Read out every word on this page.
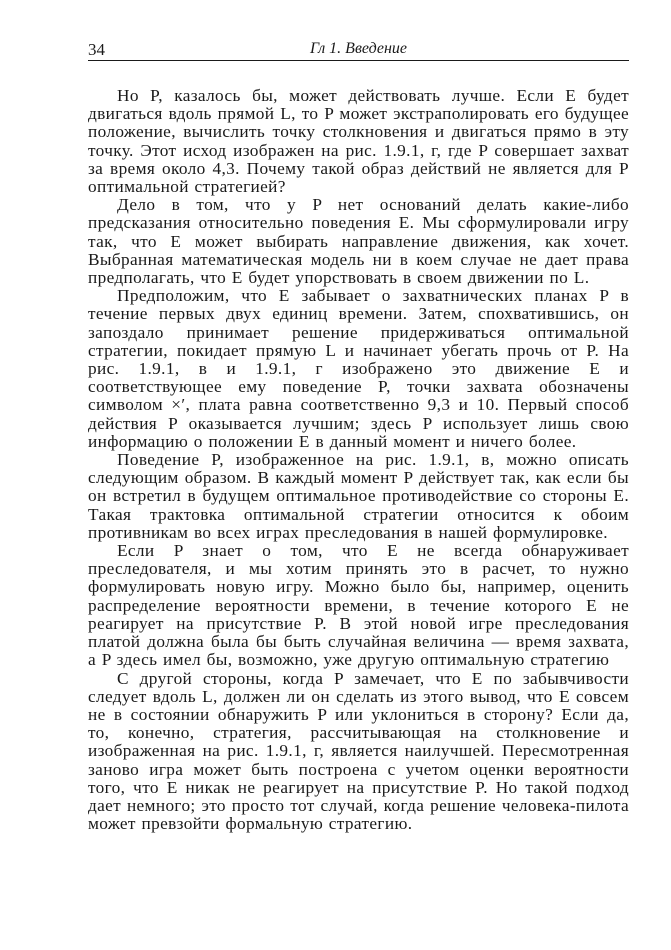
34	Гл 1. Введение

Но P, казалось бы, может действовать лучше. Если E будет двигаться вдоль прямой L, то P может экстраполировать его будущее положение, вычислить точку столкновения и двигаться прямо в эту точку. Этот исход изображен на рис. 1.9.1, г, где P совершает захват за время около 4,3. Почему такой образ действий не является для P оптимальной стратегией?

Дело в том, что у P нет оснований делать какие-либо предсказания относительно поведения E. Мы сформулировали игру так, что E может выбирать направление движения, как хочет. Выбранная математическая модель ни в коем случае не дает права предполагать, что E будет упорствовать в своем движении по L.

Предположим, что E забывает о захватнических планах P в течение первых двух единиц времени. Затем, спохватившись, он запоздало принимает решение придерживаться оптимальной стратегии, покидает прямую L и начинает убегать прочь от P. На рис. 1.9.1, в и 1.9.1, г изображено это движение E и соответствующее ему поведение P, точки захвата обозначены символом ×′, плата равна соответственно 9,3 и 10. Первый способ действия P оказывается лучшим; здесь P использует лишь свою информацию о положении E в данный момент и ничего более.

Поведение P, изображенное на рис. 1.9.1, в, можно описать следующим образом. В каждый момент P действует так, как если бы он встретил в будущем оптимальное противодействие со стороны E. Такая трактовка оптимальной стратегии относится к обоим противникам во всех играх преследования в нашей формулировке.

Если P знает о том, что E не всегда обнаруживает преследователя, и мы хотим принять это в расчет, то нужно формулировать новую игру. Можно было бы, например, оценить распределение вероятности времени, в течение которого E не реагирует на присутствие P. В этой новой игре преследования платой должна была бы быть случайная величина — время захвата, а P здесь имел бы, возможно, уже другую оптимальную стратегию

С другой стороны, когда P замечает, что E по забывчивости следует вдоль L, должен ли он сделать из этого вывод, что E совсем не в состоянии обнаружить P или уклониться в сторону? Если да, то, конечно, стратегия, рассчитывающая на столкновение и изображенная на рис. 1.9.1, г, является наилучшей. Пересмотренная заново игра может быть построена с учетом оценки вероятности того, что E никак не реагирует на присутствие P. Но такой подход дает немного; это просто тот случай, когда решение человека-пилота может превзойти формальную стратегию.
